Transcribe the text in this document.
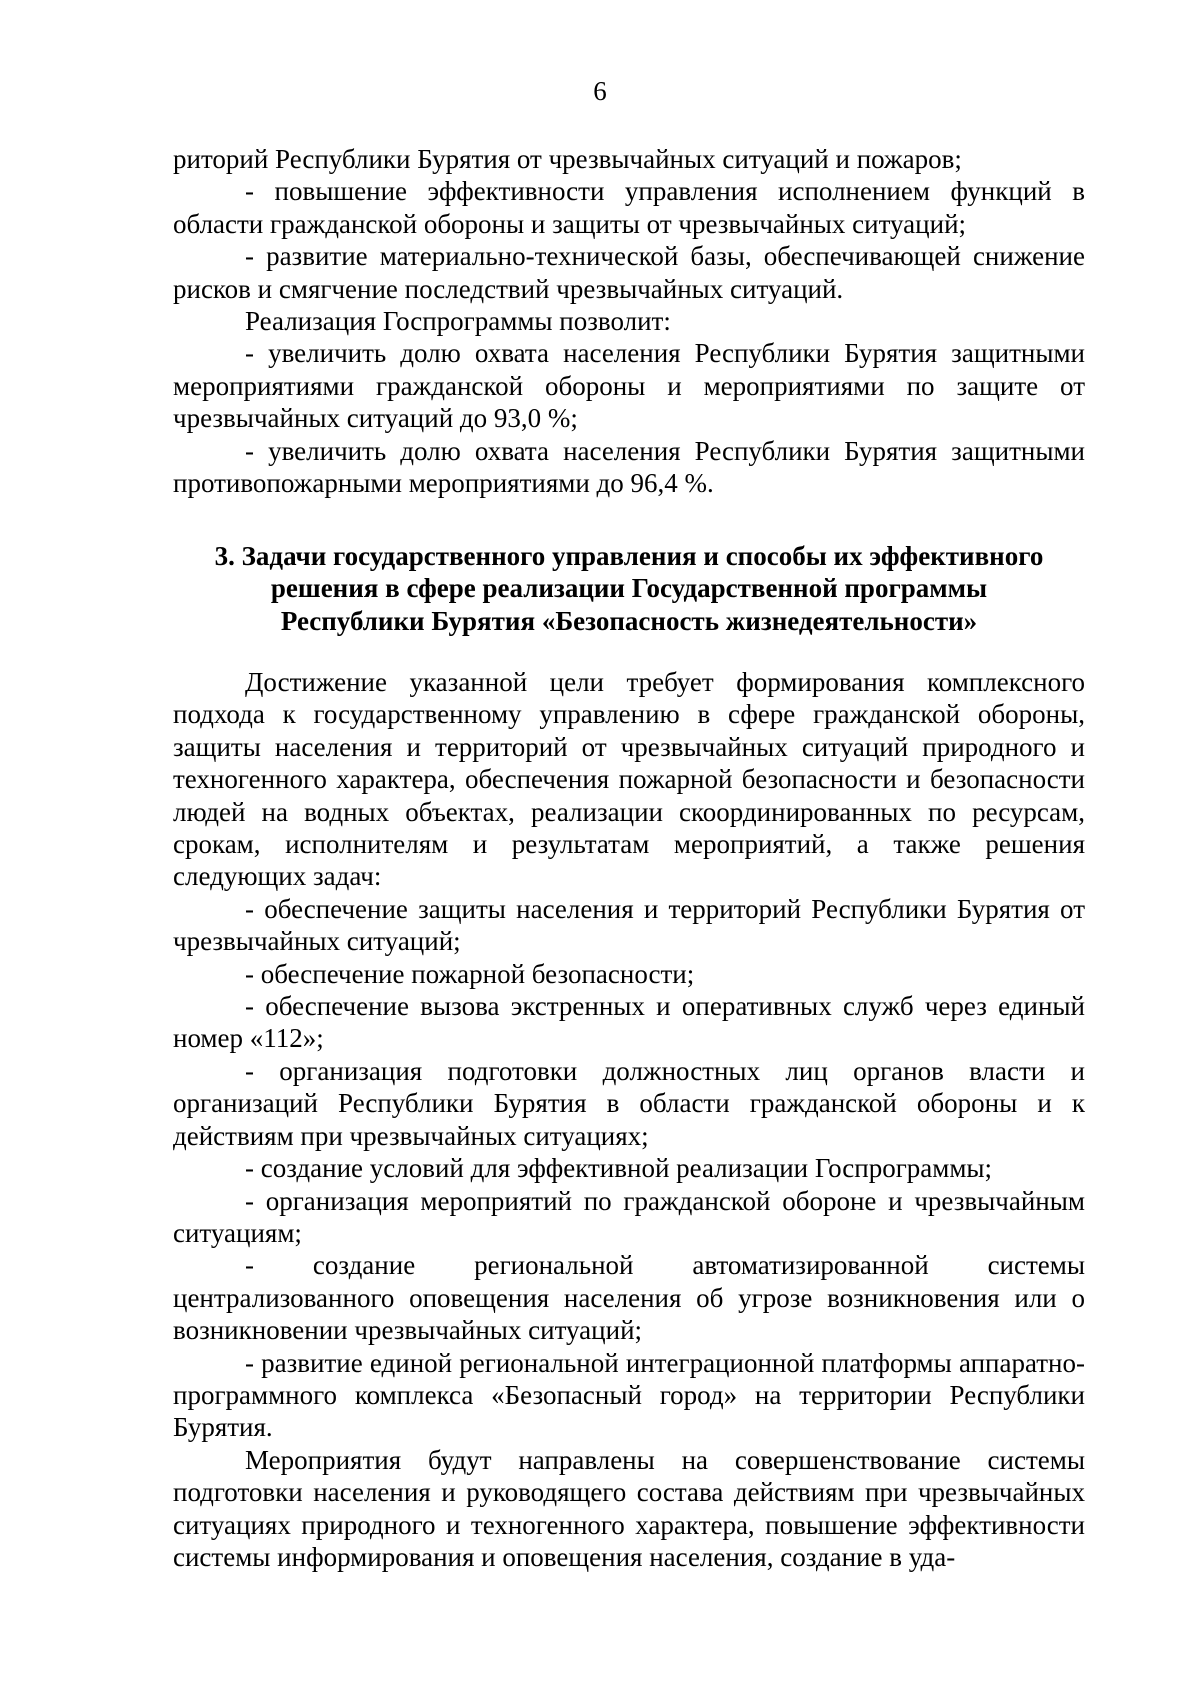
6

риторий Республики Бурятия от чрезвычайных ситуаций и пожаров;

- повышение эффективности управления исполнением функций в области гражданской обороны и защиты от чрезвычайных ситуаций;

- развитие материально-технической базы, обеспечивающей снижение рисков и смягчение последствий чрезвычайных ситуаций.

Реализация Госпрограммы позволит:

- увеличить долю охвата населения Республики Бурятия защитными мероприятиями гражданской обороны и мероприятиями по защите от чрезвычайных ситуаций до 93,0 %;

- увеличить долю охвата населения Республики Бурятия защитными противопожарными мероприятиями до 96,4 %.

3. Задачи государственного управления и способы их эффективного
решения в сфере реализации Государственной программы
Республики Бурятия «Безопасность жизнедеятельности»

Достижение указанной цели требует формирования комплексного подхода к государственному управлению в сфере гражданской обороны, защиты населения и территорий от чрезвычайных ситуаций природного и техногенного характера, обеспечения пожарной безопасности и безопасности людей на водных объектах, реализации скоординированных по ресурсам, срокам, исполнителям и результатам мероприятий, а также решения следующих задач:

- обеспечение защиты населения и территорий Республики Бурятия от чрезвычайных ситуаций;

- обеспечение пожарной безопасности;

- обеспечение вызова экстренных и оперативных служб через единый номер «112»;

- организация подготовки должностных лиц органов власти и организаций Республики Бурятия в области гражданской обороны и к действиям при чрезвычайных ситуациях;

- создание условий для эффективной реализации Госпрограммы;

- организация мероприятий по гражданской обороне и чрезвычайным ситуациям;

- создание региональной автоматизированной системы централизованного оповещения населения об угрозе возникновения или о возникновении чрезвычайных ситуаций;

- развитие единой региональной интеграционной платформы аппаратно-программного комплекса «Безопасный город» на территории Республики Бурятия.

Мероприятия будут направлены на совершенствование системы подготовки населения и руководящего состава действиям при чрезвычайных ситуациях природного и техногенного характера, повышение эффективности системы информирования и оповещения населения, создание в уда-
